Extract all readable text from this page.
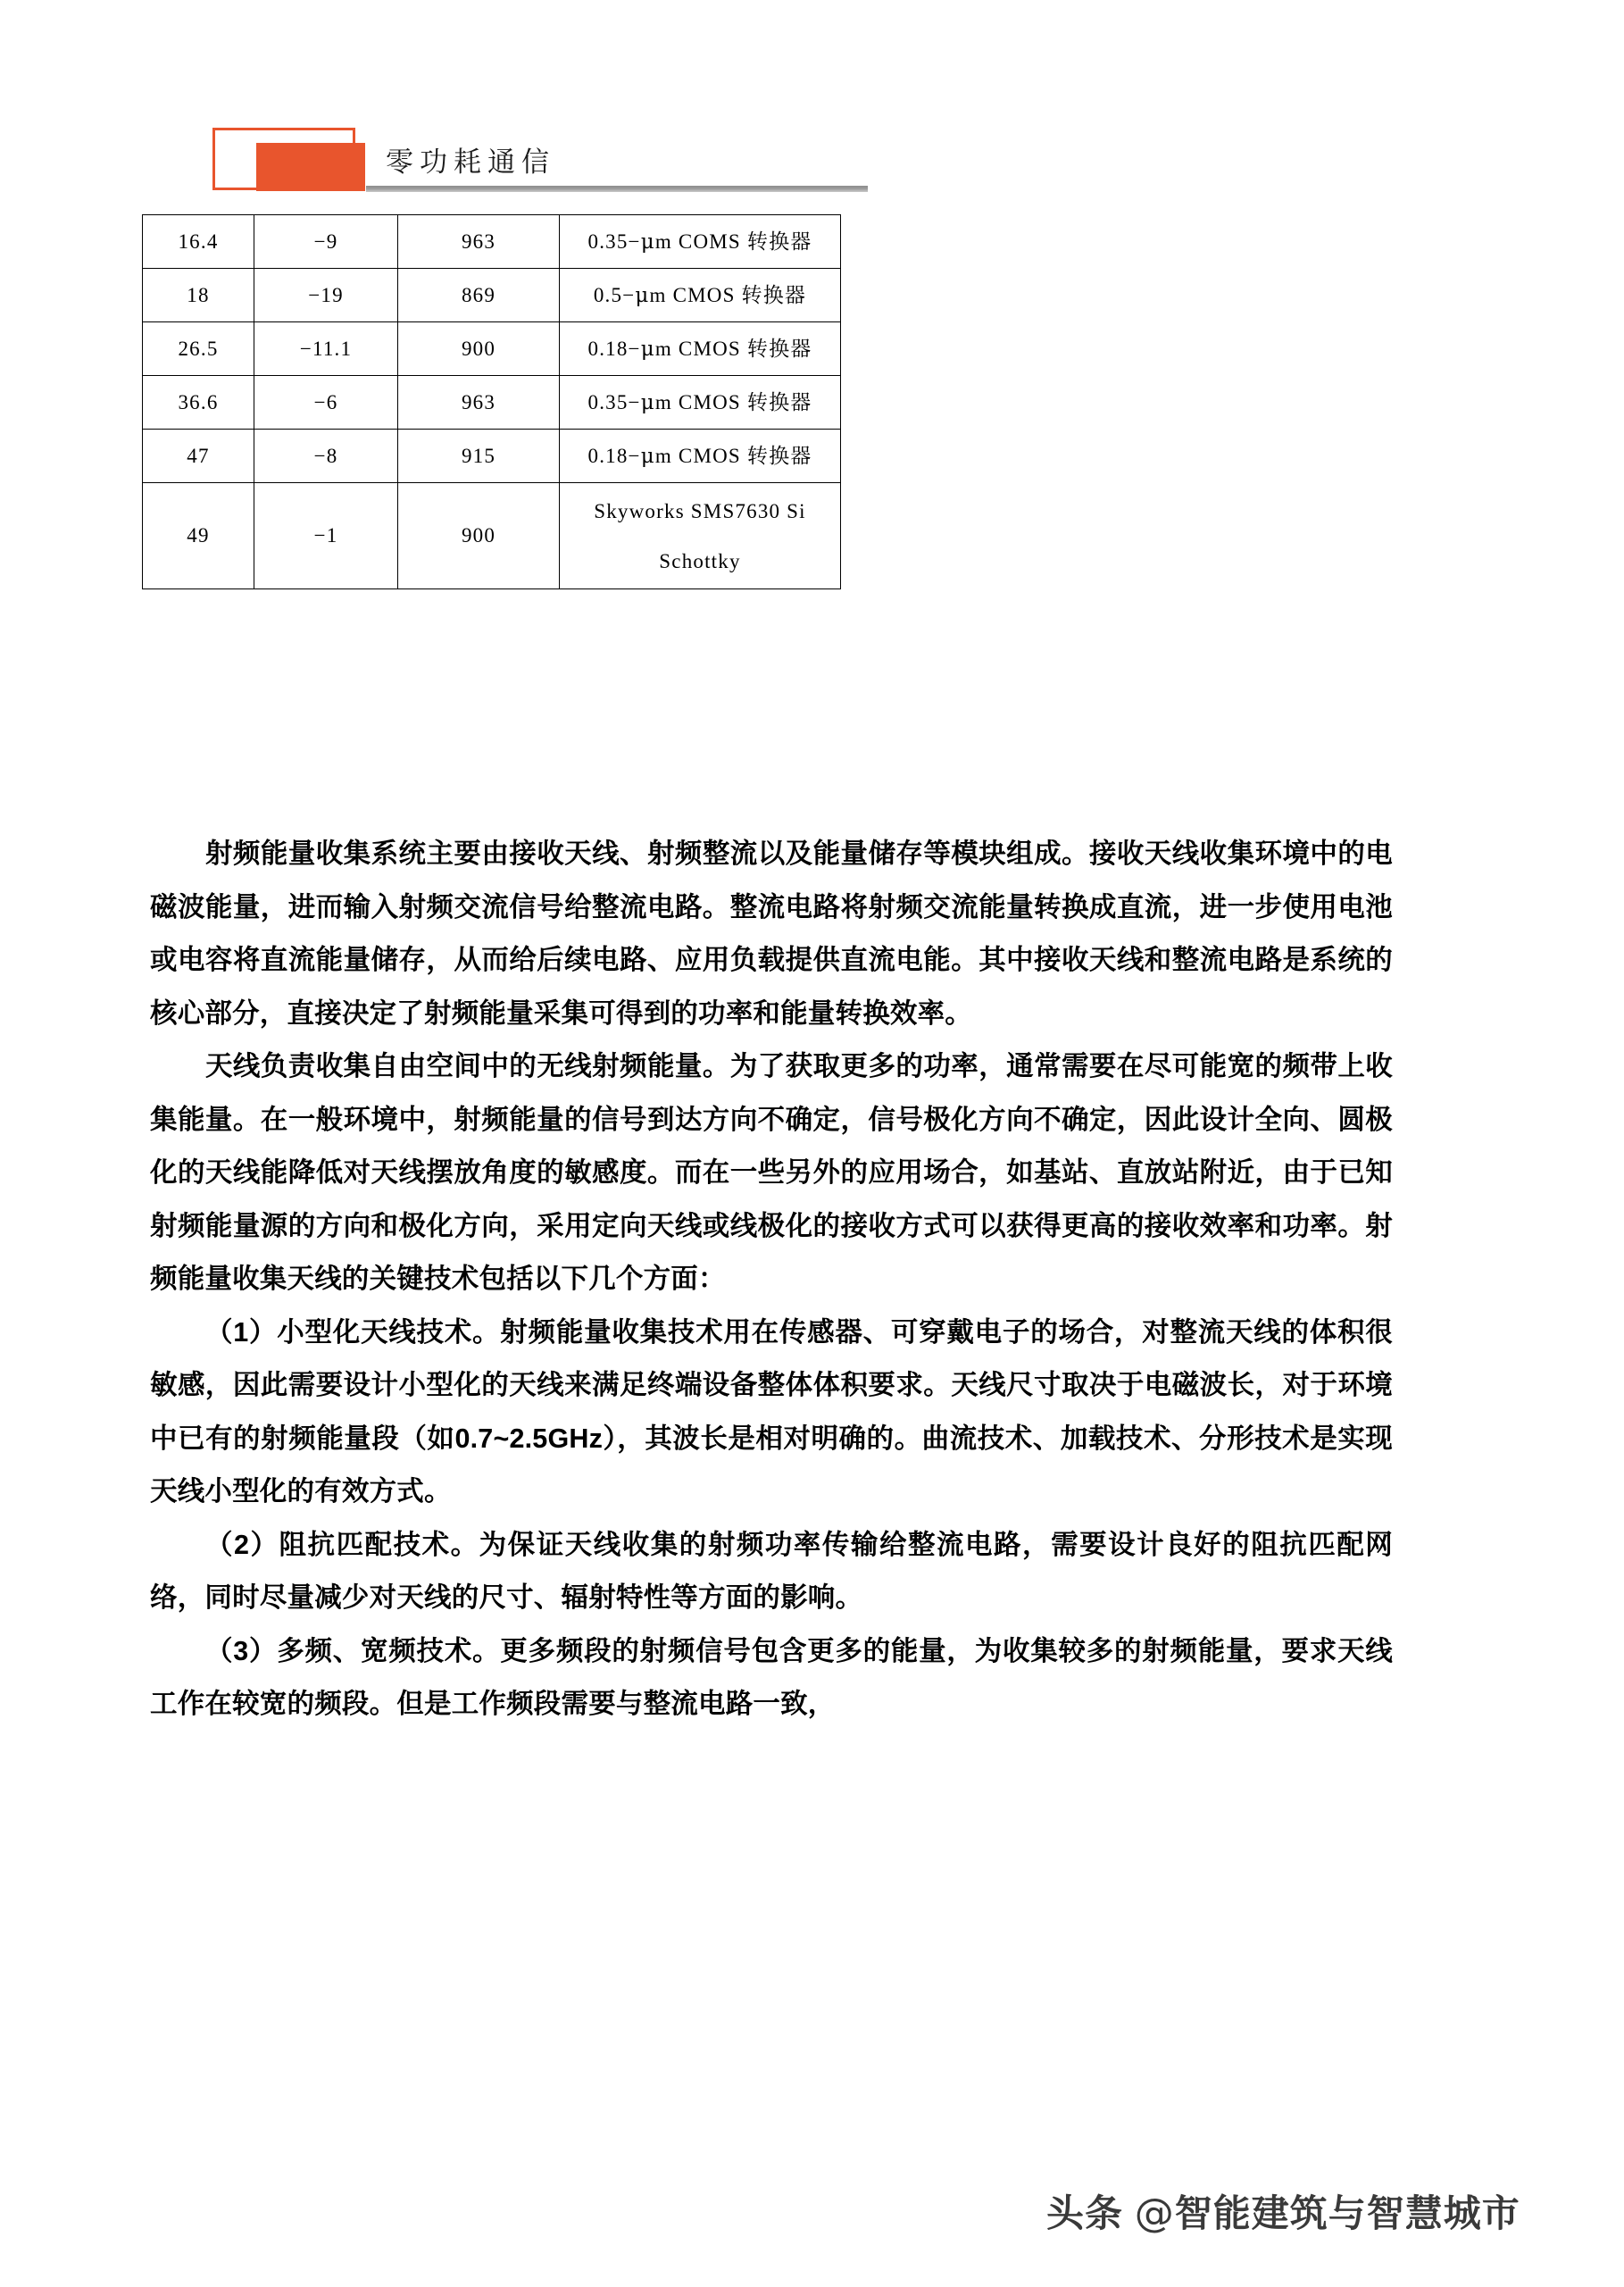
零功耗通信
16.4	−9	963	0.35−μm COMS 转换器
18	−19	869	0.5−μm CMOS 转换器
26.5	−11.1	900	0.18−μm CMOS 转换器
36.6	−6	963	0.35−μm CMOS 转换器
47	−8	915	0.18−μm CMOS 转换器
49	−1	900	Skyworks SMS7630 Si
Schottky

射频能量收集系统主要由接收天线、射频整流以及能量储存等模块组成。接收天线收集环境中的电磁波能量，进而输入射频交流信号给整流电路。整流电路将射频交流能量转换成直流，进一步使用电池或电容将直流能量储存，从而给后续电路、应用负载提供直流电能。其中接收天线和整流电路是系统的核心部分，直接决定了射频能量采集可得到的功率和能量转换效率。

天线负责收集自由空间中的无线射频能量。为了获取更多的功率，通常需要在尽可能宽的频带上收集能量。在一般环境中，射频能量的信号到达方向不确定，信号极化方向不确定，因此设计全向、圆极化的天线能降低对天线摆放角度的敏感度。而在一些另外的应用场合，如基站、直放站附近，由于已知射频能量源的方向和极化方向，采用定向天线或线极化的接收方式可以获得更高的接收效率和功率。射频能量收集天线的关键技术包括以下几个方面：

（1）小型化天线技术。射频能量收集技术用在传感器、可穿戴电子的场合，对整流天线的体积很敏感，因此需要设计小型化的天线来满足终端设备整体体积要求。天线尺寸取决于电磁波长，对于环境中已有的射频能量段（如0.7~2.5GHz），其波长是相对明确的。曲流技术、加载技术、分形技术是实现天线小型化的有效方式。

（2）阻抗匹配技术。为保证天线收集的射频功率传输给整流电路，需要设计良好的阻抗匹配网络，同时尽量减少对天线的尺寸、辐射特性等方面的影响。

（3）多频、宽频技术。更多频段的射频信号包含更多的能量，为收集较多的射频能量，要求天线工作在较宽的频段。但是工作频段需要与整流电路一致，

头条 @智能建筑与智慧城市
